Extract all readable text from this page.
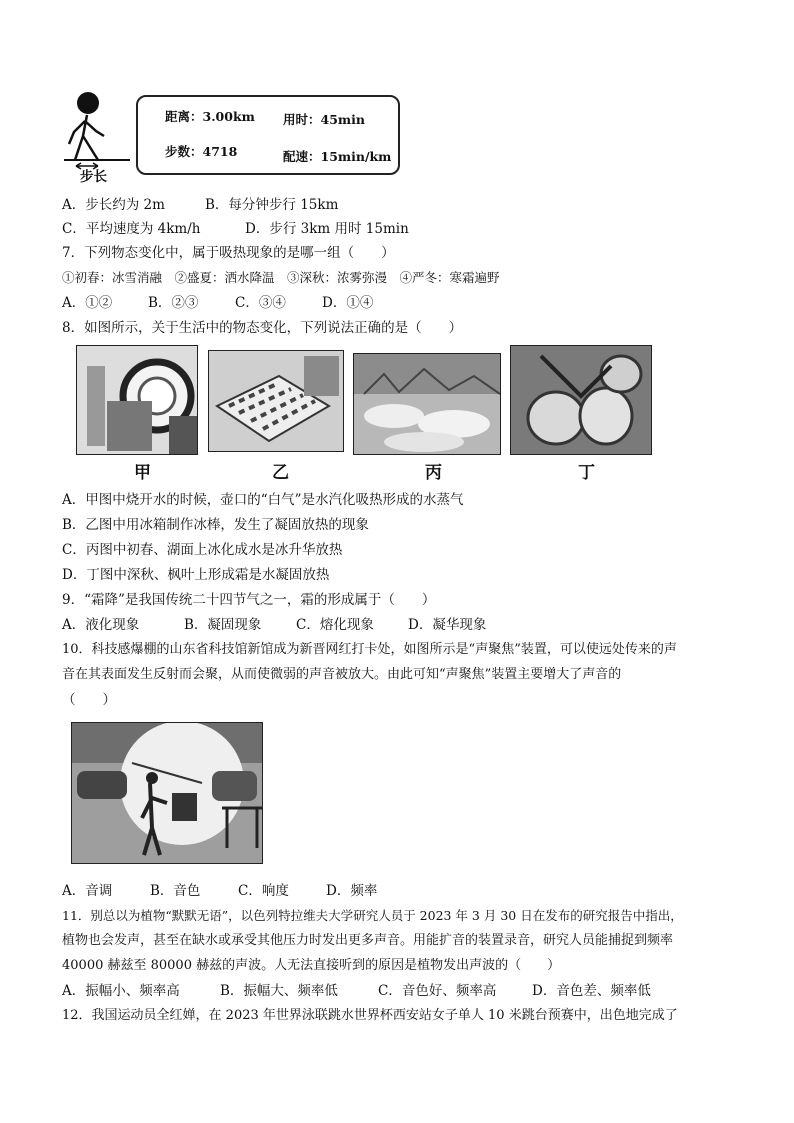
步长
距离：3.00km 用时：45min
步数：4718	配速：15min/km
A．步长约为 2m	B．每分钟步行 15km
C．平均速度为 4km/h	D．步行 3km 用时 15min
7．下列物态变化中，属于吸热现象的是哪一组（　　）
①初春：冰雪消融　②盛夏：洒水降温　③深秋：浓雾弥漫　④严冬：寒霜遍野
A．①②	B．②③	C．③④	D．①④
8．如图所示，关于生活中的物态变化，下列说法正确的是（　　）
甲	乙	丙	丁
A．甲图中烧开水的时候，壶口的“白气”是水汽化吸热形成的水蒸气
B．乙图中用冰箱制作冰棒，发生了凝固放热的现象
C．丙图中初春、湖面上冰化成水是冰升华放热
D．丁图中深秋、枫叶上形成霜是水凝固放热
9．“霜降”是我国传统二十四节气之一，霜的形成属于（　　）
A．液化现象	B．凝固现象	C．熔化现象	D．凝华现象
10．科技感爆棚的山东省科技馆新馆成为新晋网红打卡处，如图所示是“声聚焦”装置，可以使远处传来的声
音在其表面发生反射而会聚，从而使微弱的声音被放大。由此可知“声聚焦”装置主要增大了声音的
（　　）
A．音调	B．音色	C．响度	D．频率
11．别总以为植物“默默无语”，以色列特拉维夫大学研究人员于 2023 年 3 月 30 日在发布的研究报告中指出，
植物也会发声，甚至在缺水或承受其他压力时发出更多声音。用能扩音的装置录音，研究人员能捕捉到频率
40000 赫兹至 80000 赫兹的声波。人无法直接听到的原因是植物发出声波的（　　）
A．振幅小、频率高	B．振幅大、频率低	C．音色好、频率高	D．音色差、频率低
12．我国运动员全红婵，在 2023 年世界泳联跳水世界杯西安站女子单人 10 米跳台预赛中，出色地完成了
